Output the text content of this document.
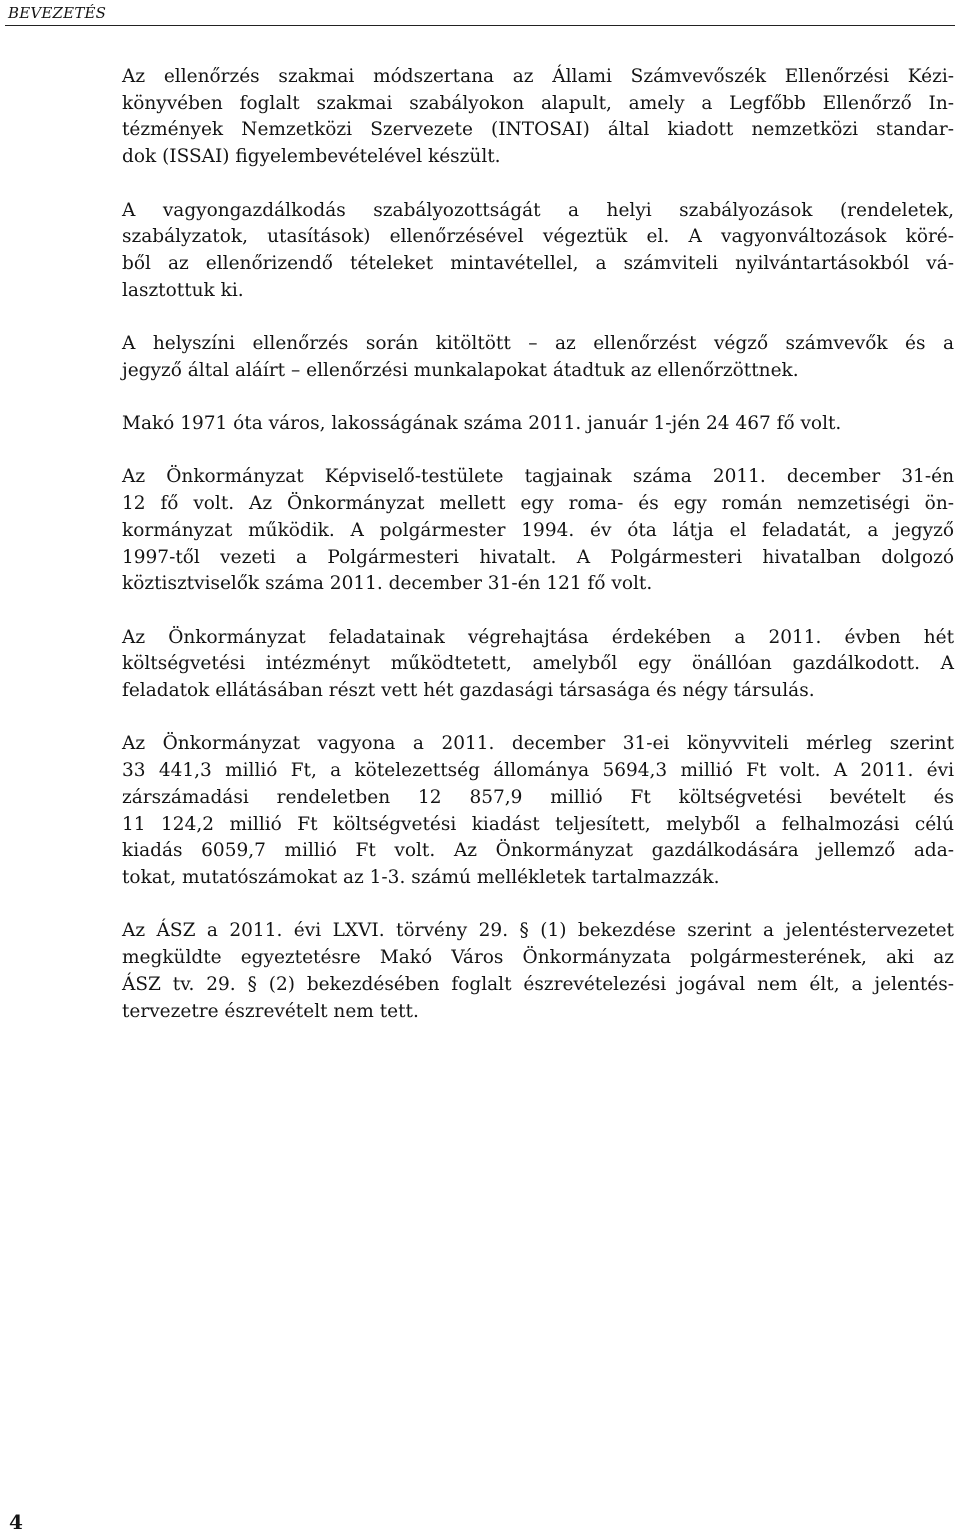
BEVEZETÉS
Az ellenőrzés szakmai módszertana az Állami Számvevőszék Ellenőrzési Kézi-
könyvében foglalt szakmai szabályokon alapult, amely a Legfőbb Ellenőrző In-
tézmények Nemzetközi Szervezete (INTOSAI) által kiadott nemzetközi standar-
dok (ISSAI) figyelembevételével készült.
A vagyongazdálkodás szabályozottságát a helyi szabályozások (rendeletek,
szabályzatok, utasítások) ellenőrzésével végeztük el. A vagyonváltozások köré-
ből az ellenőrizendő tételeket mintavétellel, a számviteli nyilvántartásokból vá-
lasztottuk ki.
A helyszíni ellenőrzés során kitöltött – az ellenőrzést végző számvevők és a
jegyző által aláírt – ellenőrzési munkalapokat átadtuk az ellenőrzöttnek.
Makó 1971 óta város, lakosságának száma 2011. január 1-jén 24 467 fő volt.
Az Önkormányzat Képviselő-testülete tagjainak száma 2011. december 31-én
12 fő volt. Az Önkormányzat mellett egy roma- és egy román nemzetiségi ön-
kormányzat működik. A polgármester 1994. év óta látja el feladatát, a jegyző
1997-től vezeti a Polgármesteri hivatalt. A Polgármesteri hivatalban dolgozó
köztisztviselők száma 2011. december 31-én 121 fő volt.
Az Önkormányzat feladatainak végrehajtása érdekében a 2011. évben hét
költségvetési intézményt működtetett, amelyből egy önállóan gazdálkodott. A
feladatok ellátásában részt vett hét gazdasági társasága és négy társulás.
Az Önkormányzat vagyona a 2011. december 31-ei könyvviteli mérleg szerint
33 441,3 millió Ft, a kötelezettség állománya 5694,3 millió Ft volt. A 2011. évi
zárszámadási rendeletben 12 857,9 millió Ft költségvetési bevételt és
11 124,2 millió Ft költségvetési kiadást teljesített, melyből a felhalmozási célú
kiadás 6059,7 millió Ft volt. Az Önkormányzat gazdálkodására jellemző ada-
tokat, mutatószámokat az 1-3. számú mellékletek tartalmazzák.
Az ÁSZ a 2011. évi LXVI. törvény 29. § (1) bekezdése szerint a jelentéstervezetet
megküldte egyeztetésre Makó Város Önkormányzata polgármesterének, aki az
ÁSZ tv. 29. § (2) bekezdésében foglalt észrevételezési jogával nem élt, a jelentés-
tervezetre észrevételt nem tett.
4
